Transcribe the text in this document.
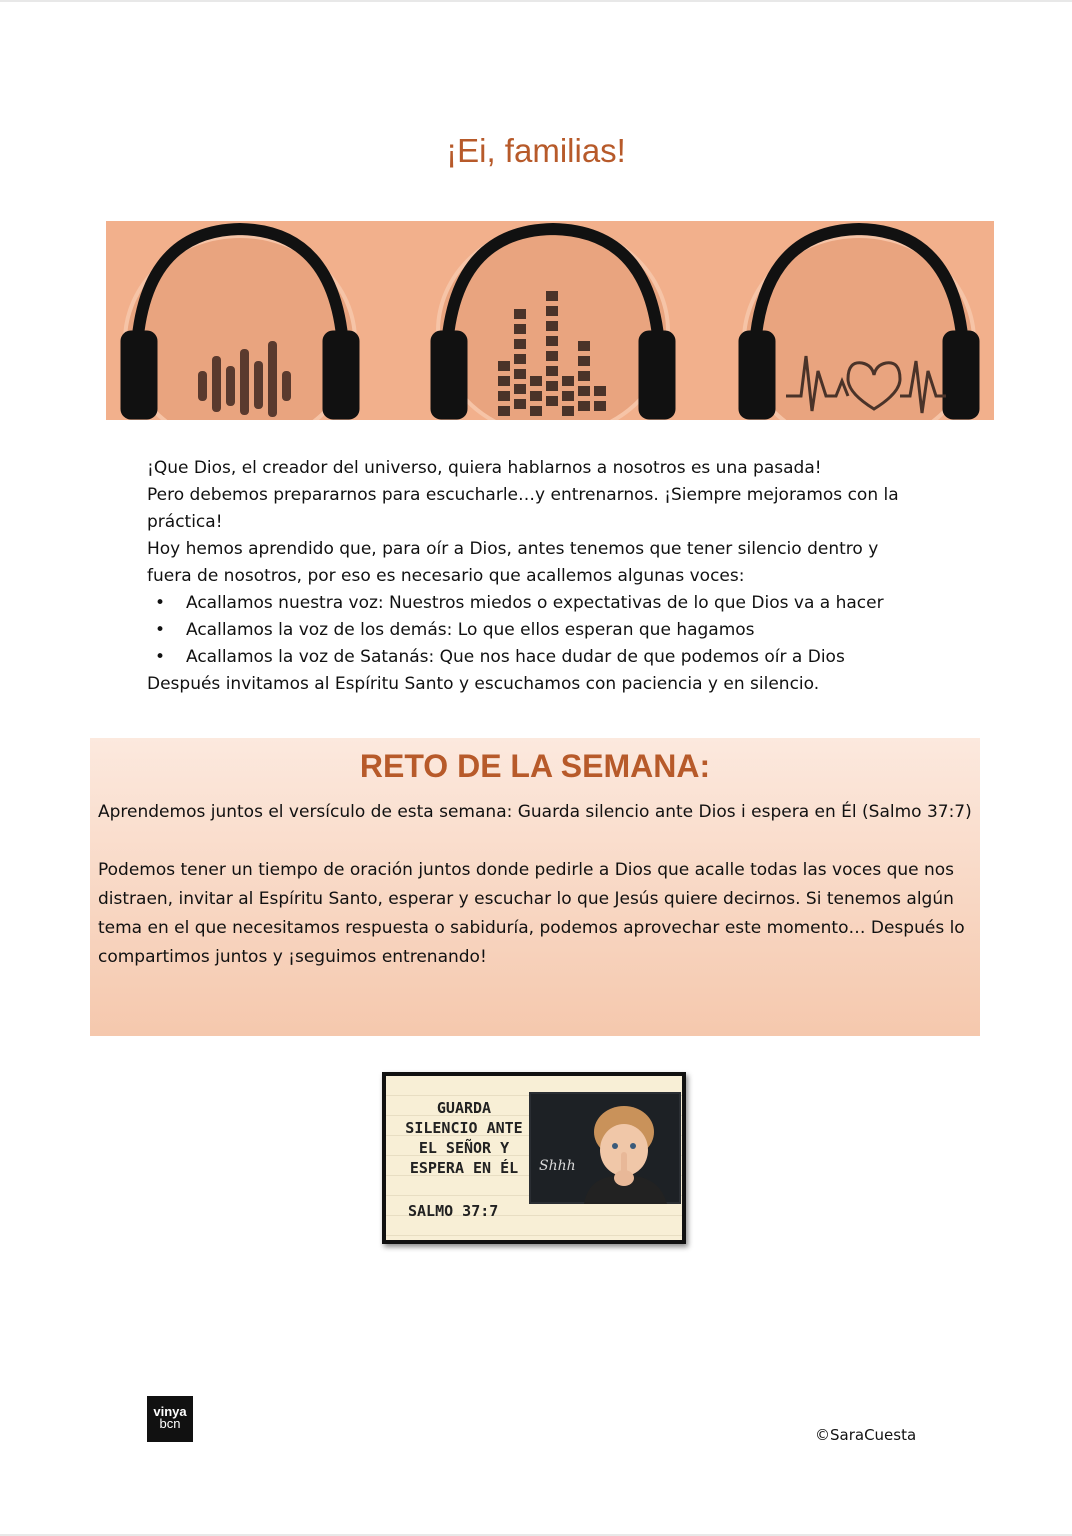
¡Ei, familias!

¡Que Dios, el creador del universo, quiera hablarnos a nosotros es una pasada!

Pero debemos prepararnos para escucharle…y entrenarnos. ¡Siempre mejoramos con la práctica!

Hoy hemos aprendido que, para oír a Dios, antes tenemos que tener silencio dentro y fuera de nosotros, por eso es necesario que acallemos algunas voces:

• Acallamos nuestra voz: Nuestros miedos o expectativas de lo que Dios va a hacer
• Acallamos la voz de los demás: Lo que ellos esperan que hagamos
• Acallamos la voz de Satanás: Que nos hace dudar de que podemos oír a Dios

Después invitamos al Espíritu Santo y escuchamos con paciencia y en silencio.

RETO DE LA SEMANA:

Aprendemos juntos el versículo de esta semana: Guarda silencio ante Dios i espera en Él (Salmo 37:7)

Podemos tener un tiempo de oración juntos donde pedirle a Dios que acalle todas las voces que nos distraen, invitar al Espíritu Santo, esperar y escuchar lo que Jesús quiere decirnos. Si tenemos algún tema en el que necesitamos respuesta o sabiduría, podemos aprovechar este momento… Después lo compartimos juntos y ¡seguimos entrenando!

GUARDA
SILENCIO ANTE
EL SEÑOR Y
ESPERA EN ÉL
SALMO 37:7
Shhh
vinya
bcn
©SaraCuesta
